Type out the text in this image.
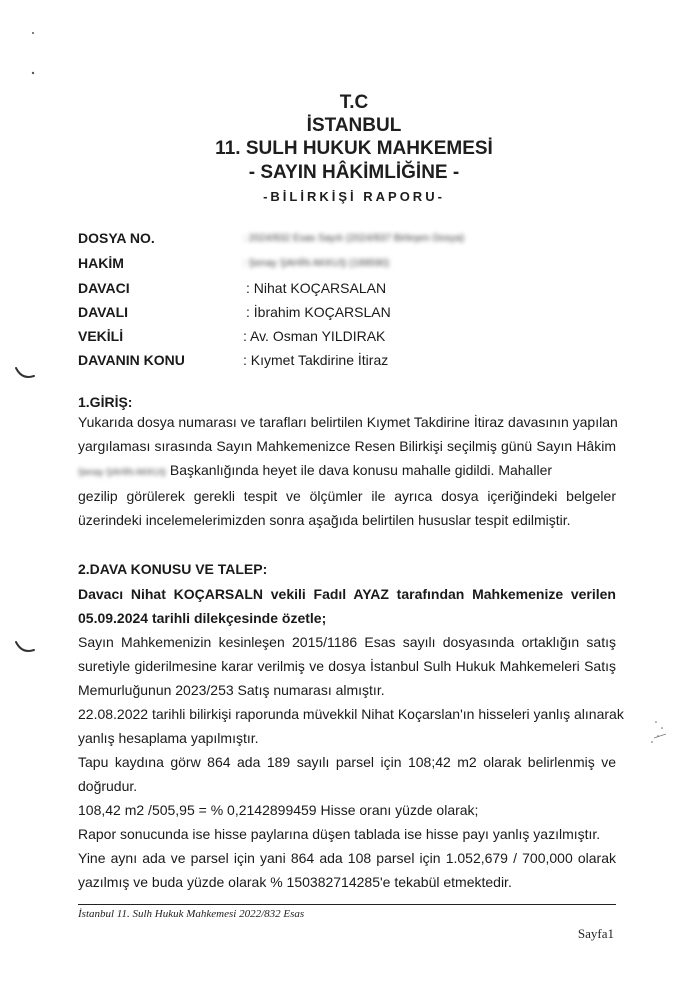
T.C
İSTANBUL
11. SULH HUKUK MAHKEMESİ
- SAYIN HÂKİMLİĞİNE -
-BİLİRKİŞİ RAPORU-
DOSYA NO.	: 2024/832 Esas Sayılı (2024/837 Birleşen Dosya)
HAKİM	: Şenay ŞAHİN AKKUŞ (199590)
DAVACI	: Nihat KOÇARSALAN
DAVALI	: İbrahim KOÇARSLAN
VEKİLİ	: Av. Osman YILDIRAK
DAVANIN KONU	: Kıymet Takdirine İtiraz
1.GİRİŞ:
Yukarıda dosya numarası ve tarafları belirtilen Kıymet Takdirine İtiraz davasının yapılan
yargılaması sırasında Sayın Mahkemenizce Resen Bilirkişi seçilmiş günü Sayın Hâkim
Şenay ŞAHİN AKKUŞ Başkanlığında heyet ile dava konusu mahalle gidildi. Mahaller
gezilip görülerek gerekli tespit ve ölçümler ile ayrıca dosya içeriğindeki belgeler
üzerindeki incelemelerimizden sonra aşağıda belirtilen hususlar tespit edilmiştir.
2.DAVA KONUSU VE TALEP:
Davacı Nihat KOÇARSALN vekili Fadıl AYAZ tarafından Mahkemenize verilen
05.09.2024 tarihli dilekçesinde özetle;
Sayın Mahkemenizin kesinleşen 2015/1186 Esas sayılı dosyasında ortaklığın satış
suretiyle giderilmesine karar verilmiş ve dosya İstanbul Sulh Hukuk Mahkemeleri Satış
Memurluğunun 2023/253 Satış numarası almıştır.
22.08.2022 tarihli bilirkişi raporunda müvekkil Nihat Koçarslan'ın hisseleri yanlış alınarak
yanlış hesaplama yapılmıştır.
Tapu kaydına görw 864 ada 189 sayılı parsel için 108;42 m2 olarak belirlenmiş ve
doğrudur.
108,42 m2 /505,95 = % 0,2142899459 Hisse oranı yüzde olarak;
Rapor sonucunda ise hisse paylarına düşen tablada ise hisse payı yanlış yazılmıştır.
Yine aynı ada ve parsel için yani 864 ada 108 parsel için 1.052,679 / 700,000 olarak
yazılmış ve buda yüzde olarak % 150382714285'e tekabül etmektedir.
İstanbul 11. Sulh Hukuk Mahkemesi 2022/832 Esas
Sayfa1
